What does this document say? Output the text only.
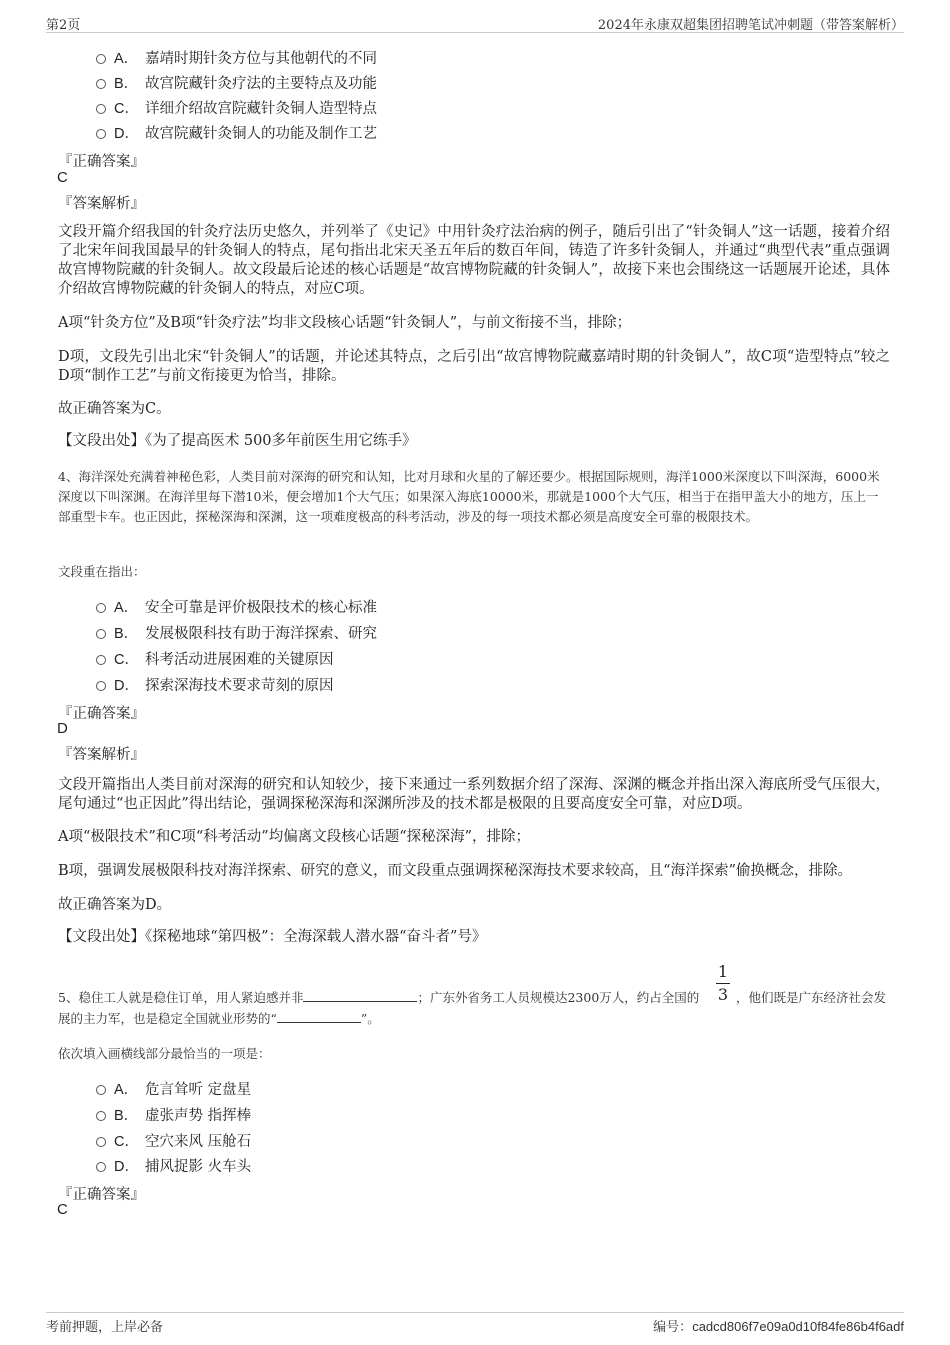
第2页	2024年永康双超集团招聘笔试冲刺题（带答案解析）
A． 嘉靖时期针灸方位与其他朝代的不同
B． 故宫院藏针灸疗法的主要特点及功能
C． 详细介绍故宫院藏针灸铜人造型特点
D． 故宫院藏针灸铜人的功能及制作工艺
『正确答案』
C
『答案解析』
文段开篇介绍我国的针灸疗法历史悠久，并列举了《史记》中用针灸疗法治病的例子，随后引出了“针灸铜人”这一话题，接着介绍了北宋年间我国最早的针灸铜人的特点，尾句指出北宋天圣五年后的数百年间，铸造了许多针灸铜人，并通过“典型代表”重点强调故宫博物院藏的针灸铜人。故文段最后论述的核心话题是“故宫博物院藏的针灸铜人”，故接下来也会围绕这一话题展开论述，具体介绍故宫博物院藏的针灸铜人的特点，对应C项。
A项“针灸方位”及B项“针灸疗法”均非文段核心话题“针灸铜人”，与前文衔接不当，排除；
D项，文段先引出北宋“针灸铜人”的话题，并论述其特点，之后引出“故宫博物院藏嘉靖时期的针灸铜人”，故C项“造型特点”较之D项“制作工艺”与前文衔接更为恰当，排除。
故正确答案为C。
【文段出处】《为了提高医术 500多年前医生用它练手》
4、海洋深处充满着神秘色彩，人类目前对深海的研究和认知，比对月球和火星的了解还要少。根据国际规则，海洋1000米深度以下叫深海，6000米深度以下叫深渊。在海洋里每下潜10米，便会增加1个大气压；如果深入海底10000米，那就是1000个大气压，相当于在指甲盖大小的地方，压上一部重型卡车。也正因此，探秘深海和深渊，这一项难度极高的科考活动，涉及的每一项技术都必须是高度安全可靠的极限技术。
文段重在指出：
A． 安全可靠是评价极限技术的核心标准
B． 发展极限科技有助于海洋探索、研究
C． 科考活动进展困难的关键原因
D． 探索深海技术要求苛刻的原因
『正确答案』
D
『答案解析』
文段开篇指出人类目前对深海的研究和认知较少，接下来通过一系列数据介绍了深海、深渊的概念并指出深入海底所受气压很大，尾句通过“也正因此”得出结论，强调探秘深海和深渊所涉及的技术都是极限的且要高度安全可靠，对应D项。
A项“极限技术”和C项“科考活动”均偏离文段核心话题“探秘深海”，排除；
B项，强调发展极限科技对海洋探索、研究的意义，而文段重点强调探秘深海技术要求较高，且“海洋探索”偷换概念，排除。
故正确答案为D。
【文段出处】《探秘地球“第四极”：全海深载人潜水器“奋斗者”号》
5、稳住工人就是稳住订单，用人紧迫感并非	；广东外省务工人员规模达2300万人，约占全国的
1
3 ，他们既是广东经济社会发
展的主力军，也是稳定全国就业形势的“	”。
依次填入画横线部分最恰当的一项是：
A． 危言耸听 定盘星
B． 虚张声势 指挥棒
C． 空穴来风 压舱石
D． 捕风捉影 火车头
『正确答案』
C
考前押题，上岸必备	编号：cadcd806f7e09a0d10f84fe86b4f6adf
